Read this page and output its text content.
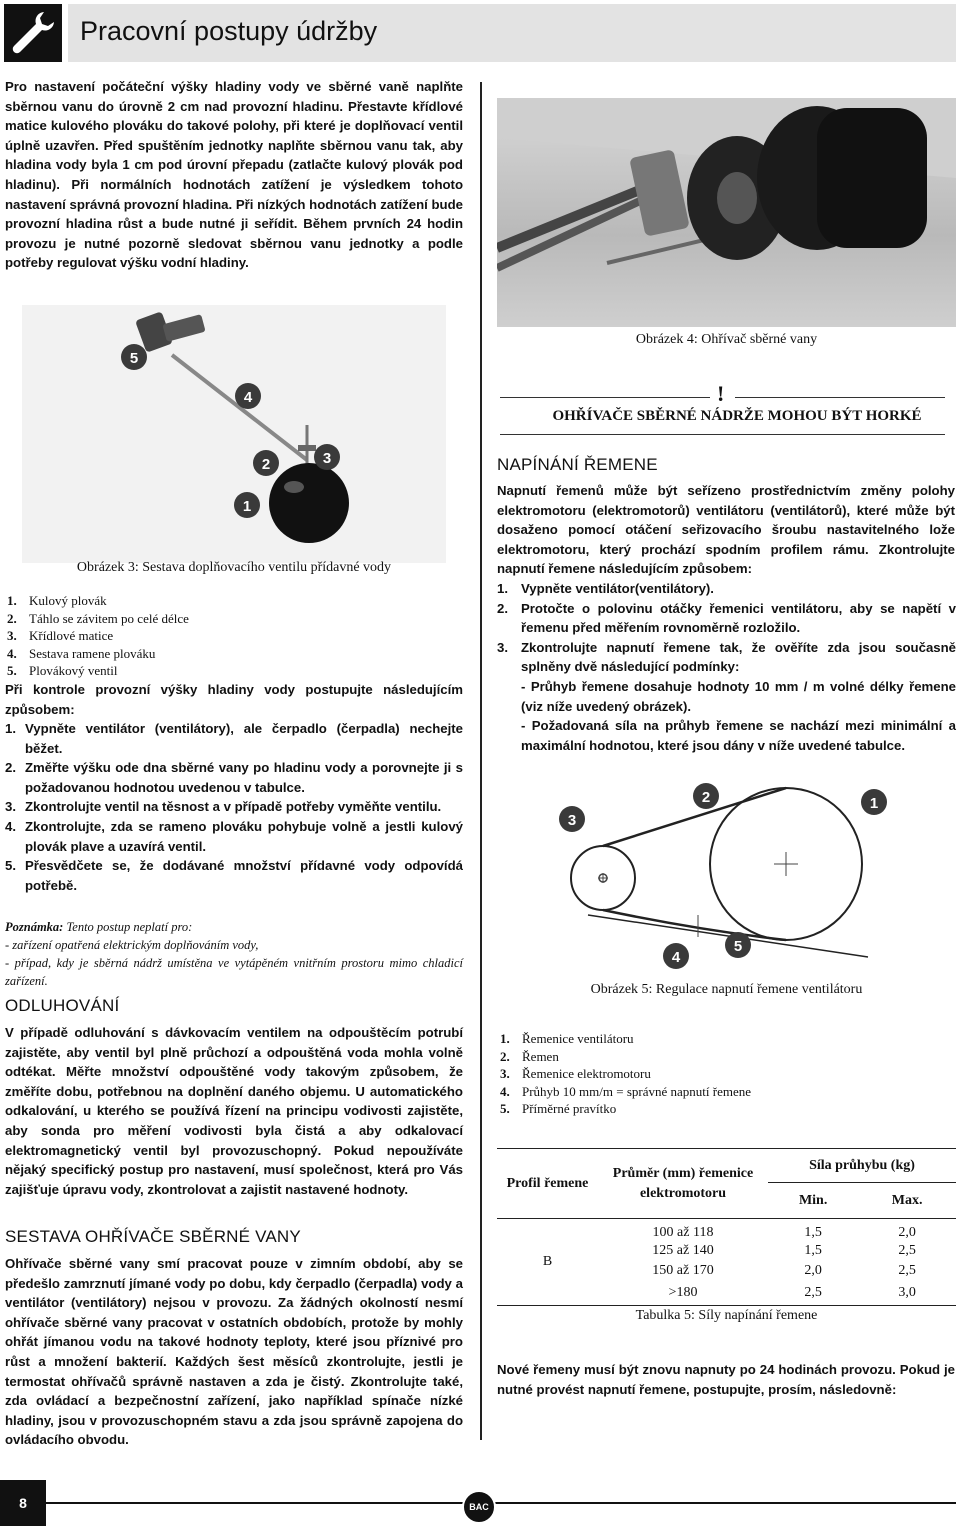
Pracovní postupy údržby
Pro nastavení počáteční výšky hladiny vody ve sběrné vaně naplňte sběrnou vanu do úrovně 2 cm nad provozní hladinu. Přestavte křídlové matice kulového plováku do takové polohy, při které je doplňovací ventil úplně uzavřen. Před spuštěním jednotky naplňte sběrnou vanu tak, aby hladina vody byla 1 cm pod úrovní přepadu (zatlačte kulový plovák pod hladinu). Při normálních hodnotách zatížení je výsledkem tohoto nastavení správná provozní hladina. Při nízkých hodnotách zatížení bude provozní hladina růst a bude nutné ji seřídit. Během prvních 24 hodin provozu je nutné pozorně sledovat sběrnou vanu jednotky a podle potřeby regulovat výšku vodní hladiny.
5
4
2	3
1
Obrázek 3: Sestava doplňovacího ventilu přídavné vody
1. Kulový plovák
2. Táhlo se závitem po celé délce
3. Křídlové matice
4. Sestava ramene plováku
5. Plovákový ventil
Při kontrole provozní výšky hladiny vody postupujte následujícím způsobem:
1. Vypněte ventilátor (ventilátory), ale čerpadlo (čerpadla) nechejte běžet.
2. Změřte výšku ode dna sběrné vany po hladinu vody a porovnejte ji s požadovanou hodnotou uvedenou v tabulce.
3. Zkontrolujte ventil na těsnost a v případě potřeby vyměňte ventilu.
4. Zkontrolujte, zda se rameno plováku pohybuje volně a jestli kulový plovák plave a uzavírá ventil.
5. Přesvědčete se, že dodávané množství přídavné vody odpovídá potřebě.
Poznámka: Tento postup neplatí pro:
- zařízení opatřená elektrickým doplňováním vody,
- případ, kdy je sběrná nádrž umístěna ve vytápěném vnitřním prostoru mimo chladicí zařízení.
ODLUHOVÁNÍ
V případě odluhování s dávkovacím ventilem na odpouštěcím potrubí zajistěte, aby ventil byl plně průchozí a odpouštěná voda mohla volně odtékat. Měřte množství odpouštěné vody takovým způsobem, že změříte dobu, potřebnou na doplnění daného objemu. U automatického odkalování, u kterého se používá řízení na principu vodivosti zajistěte, aby sonda pro měření vodivosti byla čistá a aby odkalovací elektromagnetický ventil byl provozuschopný. Pokud nepoužíváte nějaký specifický postup pro nastavení, musí společnost, která pro Vás zajišťuje úpravu vody, zkontrolovat a zajistit nastavené hodnoty.
SESTAVA OHŘÍVAČE SBĚRNÉ VANY
Ohřívače sběrné vany smí pracovat pouze v zimním období, aby se předešlo zamrznutí jímané vody po dobu, kdy čerpadlo (čerpadla) vody a ventilátor (ventilátory) nejsou v provozu. Za žádných okolností nesmí ohřívače sběrné vany pracovat v ostatních obdobích, protože by mohly ohřát jímanou vodu na takové hodnoty teploty, které jsou příznivé pro růst a množení bakterií. Každých šest měsíců zkontrolujte, jestli je termostat ohřívačů správně nastaven a zda je čistý. Zkontrolujte také, zda ovládací a bezpečnostní zařízení, jako například spínače nízké hladiny, jsou v provozuschopném stavu a zda jsou správně zapojena do ovládacího obvodu.
Obrázek 4: Ohřívač sběrné vany
!
OHŘÍVAČE SBĚRNÉ NÁDRŽE MOHOU BÝT HORKÉ
NAPÍNÁNÍ ŘEMENE
Napnutí řemenů může být seřízeno prostřednictvím změny polohy elektromotoru (elektromotorů) ventilátoru (ventilátorů), které může být dosaženo pomocí otáčení seřizovacího šroubu nastavitelného lože elektromotoru, který prochází spodním profilem rámu. Zkontrolujte napnutí řemene následujícím způsobem:
1. Vypněte ventilátor(ventilátory).
2. Protočte o polovinu otáčky řemenici ventilátoru, aby se napětí v řemenu před měřením rovnoměrně rozložilo.
3. Zkontrolujte napnutí řemene tak, že ověříte zda jsou současně splněny dvě následující podmínky:
- Průhyb řemene dosahuje hodnoty 10 mm / m volné délky řemene (viz níže uvedený obrázek).
- Požadovaná síla na průhyb řemene se nachází mezi minimální a maximální hodnotou, které jsou dány v níže uvedené tabulce.
2	1
3
4
5
Obrázek 5: Regulace napnutí řemene ventilátoru
1. Řemenice ventilátoru
2. Řemen
3. Řemenice elektromotoru
4. Průhyb 10 mm/m = správné napnutí řemene
5. Příměrné pravítko
Profil řemene	Průměr (mm) řemenice elektromotoru	Síla průhybu (kg)	
		Min.	Max.
B	100 až 118	1,5	2,0
	125 až 140	1,5	2,5
	150 až 170	2,0	2,5
	>180	2,5	3,0
Tabulka 5: Síly napínání řemene
Nové řemeny musí být znovu napnuty po 24 hodinách provozu. Pokud je nutné provést napnutí řemene, postupujte, prosím, následovně:
8	BAC
